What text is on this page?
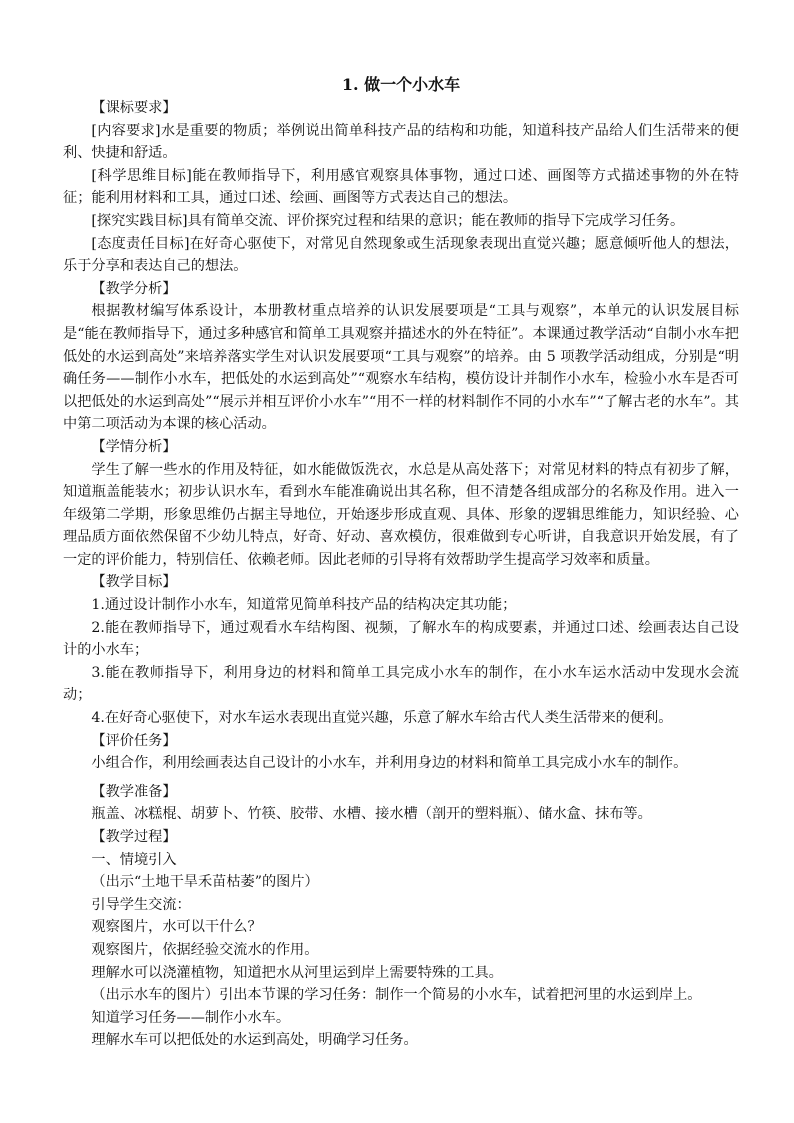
1. 做一个小水车

【课标要求】

[内容要求]水是重要的物质；举例说出简单科技产品的结构和功能，知道科技产品给人们生活带来的便利、快捷和舒适。

[科学思维目标]能在教师指导下，利用感官观察具体事物，通过口述、画图等方式描述事物的外在特征；能利用材料和工具，通过口述、绘画、画图等方式表达自己的想法。

[探究实践目标]具有简单交流、评价探究过程和结果的意识；能在教师的指导下完成学习任务。

[态度责任目标]在好奇心驱使下，对常见自然现象或生活现象表现出直觉兴趣；愿意倾听他人的想法，乐于分享和表达自己的想法。

【教学分析】

根据教材编写体系设计，本册教材重点培养的认识发展要项是“工具与观察”，本单元的认识发展目标是“能在教师指导下，通过多种感官和简单工具观察并描述水的外在特征”。本课通过教学活动“自制小水车把低处的水运到高处”来培养落实学生对认识发展要项“工具与观察”的培养。由 5 项教学活动组成，分别是“明确任务——制作小水车，把低处的水运到高处”“观察水车结构，模仿设计并制作小水车，检验小水车是否可以把低处的水运到高处”“展示并相互评价小水车”“用不一样的材料制作不同的小水车”“了解古老的水车”。其中第二项活动为本课的核心活动。

【学情分析】

学生了解一些水的作用及特征，如水能做饭洗衣，水总是从高处落下；对常见材料的特点有初步了解，知道瓶盖能装水；初步认识水车，看到水车能准确说出其名称，但不清楚各组成部分的名称及作用。进入一年级第二学期，形象思维仍占据主导地位，开始逐步形成直观、具体、形象的逻辑思维能力，知识经验、心理品质方面依然保留不少幼儿特点，好奇、好动、喜欢模仿，很难做到专心听讲，自我意识开始发展，有了一定的评价能力，特别信任、依赖老师。因此老师的引导将有效帮助学生提高学习效率和质量。

【教学目标】

1.通过设计制作小水车，知道常见简单科技产品的结构决定其功能；

2.能在教师指导下，通过观看水车结构图、视频，了解水车的构成要素，并通过口述、绘画表达自己设计的小水车；

3.能在教师指导下，利用身边的材料和简单工具完成小水车的制作，在小水车运水活动中发现水会流动；

4.在好奇心驱使下，对水车运水表现出直觉兴趣，乐意了解水车给古代人类生活带来的便利。

【评价任务】

小组合作，利用绘画表达自己设计的小水车，并利用身边的材料和简单工具完成小水车的制作。

【教学准备】

瓶盖、冰糕棍、胡萝卜、竹筷、胶带、水槽、接水槽（剖开的塑料瓶）、储水盒、抹布等。

【教学过程】

一、情境引入

（出示“土地干旱禾苗枯萎”的图片）

引导学生交流：

观察图片，水可以干什么？

观察图片，依据经验交流水的作用。

理解水可以浇灌植物，知道把水从河里运到岸上需要特殊的工具。

（出示水车的图片）引出本节课的学习任务：制作一个简易的小水车，试着把河里的水运到岸上。

知道学习任务——制作小水车。

理解水车可以把低处的水运到高处，明确学习任务。
